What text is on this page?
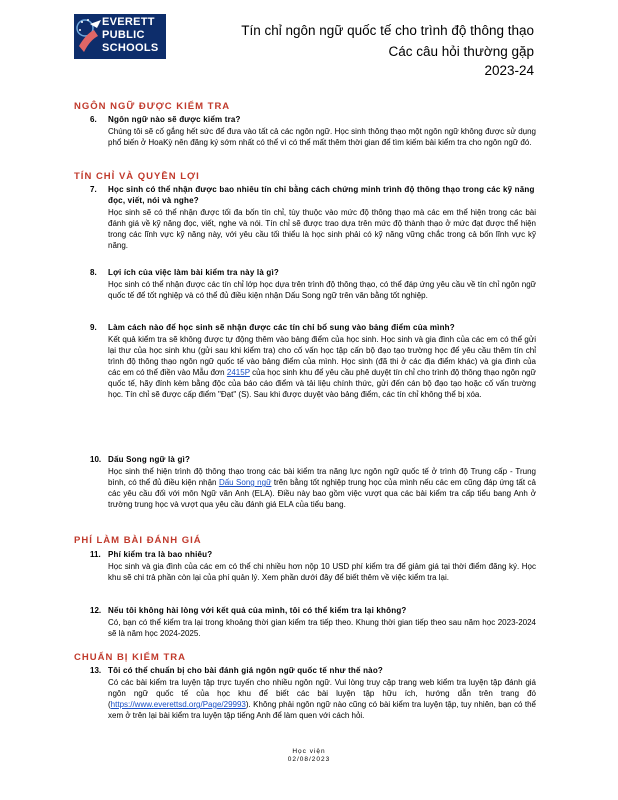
EVERETT
PUBLIC
SCHOOLS
Tín chỉ ngôn ngữ quốc tế cho trình độ thông thạo
Các câu hỏi thường gặp
2023-24
NGÔN NGỮ ĐƯỢC KIỂM TRA
6. Ngôn ngữ nào sẽ được kiểm tra?
Chúng tôi sẽ cố gắng hết sức để đưa vào tất cả các ngôn ngữ. Học sinh thông thạo một ngôn ngữ không được sử dụng phổ biến ở HoaKỳ nên đăng ký sớm nhất có thể vì có thể mất thêm thời gian để tìm kiếm bài kiểm tra cho ngôn ngữ đó.
TÍN CHỈ VÀ QUYỀN LỢI
7. Học sinh có thể nhận được bao nhiêu tín chỉ bằng cách chứng minh trình độ thông thạo trong các kỹ năng đọc, viết, nói và nghe?
Học sinh sẽ có thể nhận được tối đa bốn tín chỉ, tùy thuộc vào mức độ thông thạo mà các em thể hiện trong các bài đánh giá về kỹ năng đọc, viết, nghe và nói. Tín chỉ sẽ được trao dựa trên mức độ thành thạo ở mức đạt được thể hiện trong các lĩnh vực kỹ năng này, với yêu cầu tối thiểu là học sinh phải có kỹ năng vững chắc trong cả bốn lĩnh vực kỹ năng.
8. Lợi ích của việc làm bài kiểm tra này là gì?
Học sinh có thể nhận được các tín chỉ lớp học dựa trên trình độ thông thạo, có thể đáp ứng yêu cầu về tín chỉ ngôn ngữ quốc tế để tốt nghiệp và có thể đủ điều kiện nhận Dấu Song ngữ trên văn bằng tốt nghiệp.
9. Làm cách nào để học sinh sẽ nhận được các tín chỉ bổ sung vào bảng điểm của mình?
Kết quả kiểm tra sẽ không được tự động thêm vào bảng điểm của học sinh. Học sinh và gia đình của các em có thể gửi lại thư của học sinh khu (gửi sau khi kiểm tra) cho cố vấn học tập cấn bộ đạo tạo trường học để yêu cầu thêm tín chỉ trình độ thông thạo ngôn ngữ quốc tế vào bảng điểm của mình. Học sinh (đã thi ở các địa điểm khác) và gia đình của các em có thể điền vào Mẫu đơn 2415P của học sinh khu để yêu cầu phê duyệt tín chỉ cho trình độ thông thạo ngôn ngữ quốc tế, hãy đính kèm bằng độc của báo cáo điểm và tải liệu chính thức, gửi đến cán bộ đạo tạo hoặc cố vấn trường học. Tín chỉ sẽ được cấp điểm "Đạt" (S). Sau khi được duyệt vào bảng điểm, các tín chỉ không thể bị xóa.
10. Dấu Song ngữ là gì?
Học sinh thể hiện trình độ thông thạo trong các bài kiểm tra năng lực ngôn ngữ quốc tế ở trình độ Trung cấp - Trung bình, có thể đủ điều kiện nhận Dấu Song ngữ trên bằng tốt nghiệp trung học của mình nếu các em cũng đáp ứng tất cả các yêu cầu đối với môn Ngữ văn Anh (ELA). Điều này bao gồm việc vượt qua các bài kiểm tra cấp tiểu bang Anh ở trường trung học và vượt qua yêu cầu đánh giá ELA của tiểu bang.
PHÍ LÀM BÀI ĐÁNH GIÁ
11. Phí kiểm tra là bao nhiêu?
Học sinh và gia đình của các em có thể chi nhiều hơn nộp 10 USD phí kiểm tra để giảm giá tại thời điểm đăng ký. Học khu sẽ chi trả phần còn lại của phí quản lý. Xem phần dưới đây để biết thêm về việc kiểm tra lại.
12. Nếu tôi không hài lòng với kết quả của mình, tôi có thể kiểm tra lại không?
Có, bạn có thể kiểm tra lại trong khoảng thời gian kiểm tra tiếp theo. Khung thời gian tiếp theo sau năm học 2023-2024 sẽ là năm học 2024-2025.
CHUẨN BỊ KIỂM TRA
13. Tôi có thể chuẩn bị cho bài đánh giá ngôn ngữ quốc tế như thế nào?
Có các bài kiểm tra luyện tập trực tuyến cho nhiều ngôn ngữ. Vui lòng truy cập trang web kiểm tra luyện tập đánh giá ngôn ngữ quốc tế của học khu để biết các bài luyện tập hữu ích, hướng dẫn trên trang đó (https://www.everettsd.org/Page/29993). Không phải ngôn ngữ nào cũng có bài kiểm tra luyện tập, tuy nhiên, bạn có thể xem ở trên lại bài kiểm tra luyện tập tiếng Anh để làm quen với cách hỏi.
Học viện
02/08/2023
